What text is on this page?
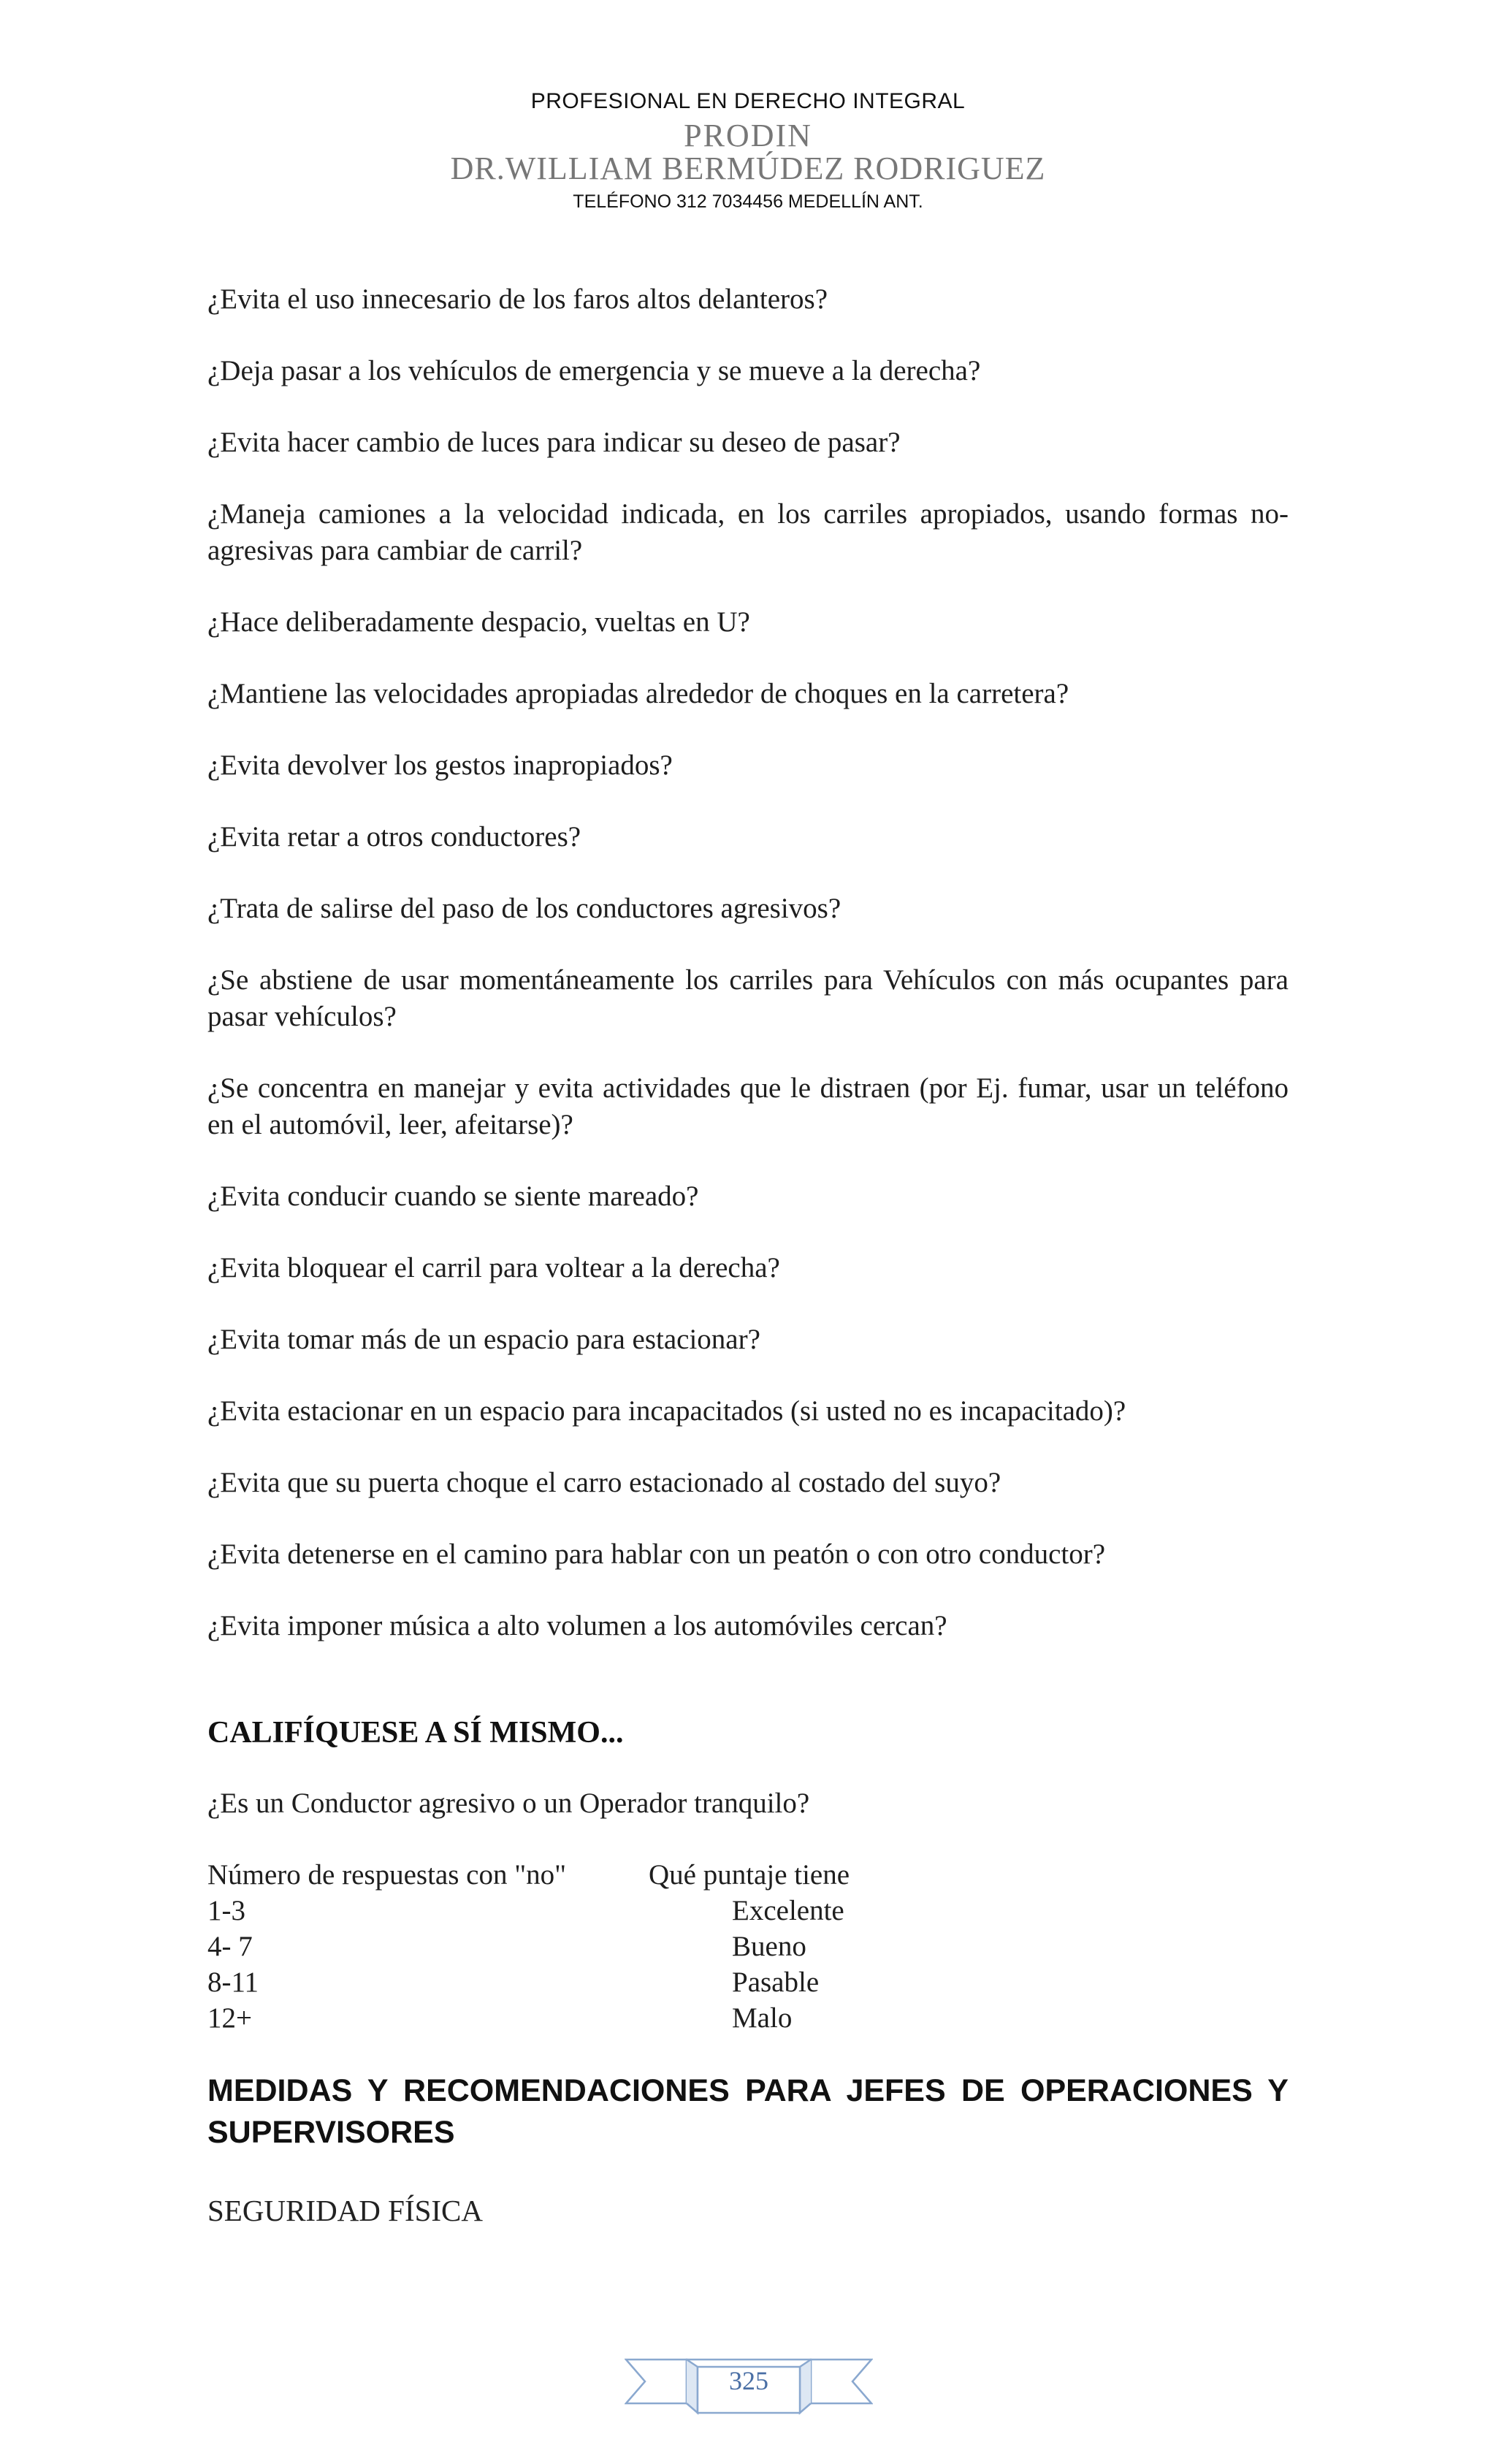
PROFESIONAL EN DERECHO INTEGRAL
PRODIN
DR.WILLIAM BERMÚDEZ RODRIGUEZ
TELÉFONO 312 7034456 MEDELLÍN ANT.

¿Evita el uso innecesario de los faros altos delanteros?

¿Deja pasar a los vehículos de emergencia y se mueve a la derecha?

¿Evita hacer cambio de luces para indicar su deseo de pasar?

¿Maneja camiones a la velocidad indicada, en los carriles apropiados, usando formas no-agresivas para cambiar de carril?

¿Hace deliberadamente despacio, vueltas en U?

¿Mantiene las velocidades apropiadas alrededor de choques en la carretera?

¿Evita devolver los gestos inapropiados?

¿Evita retar a otros conductores?

¿Trata de salirse del paso de los conductores agresivos?

¿Se abstiene de usar momentáneamente los carriles para Vehículos con más ocupantes para pasar vehículos?

¿Se concentra en manejar y evita actividades que le distraen (por Ej. fumar, usar un teléfono en el automóvil, leer, afeitarse)?

¿Evita conducir cuando se siente mareado?

¿Evita bloquear el carril para voltear a la derecha?

¿Evita tomar más de un espacio para estacionar?

¿Evita estacionar en un espacio para incapacitados (si usted no es incapacitado)?

¿Evita que su puerta choque el carro estacionado al costado del suyo?

¿Evita detenerse en el camino para hablar con un peatón o con otro conductor?

¿Evita imponer música a alto volumen a los automóviles cercan?

CALIFÍQUESE A SÍ MISMO...
¿Es un Conductor agresivo o un Operador tranquilo?
Número de respuestas con "no"	Qué puntaje tiene
1-3	Excelente
4- 7	Bueno
8-11	Pasable
12+	Malo
MEDIDAS Y RECOMENDACIONES PARA JEFES DE OPERACIONES Y SUPERVISORES
SEGURIDAD FÍSICA
325
